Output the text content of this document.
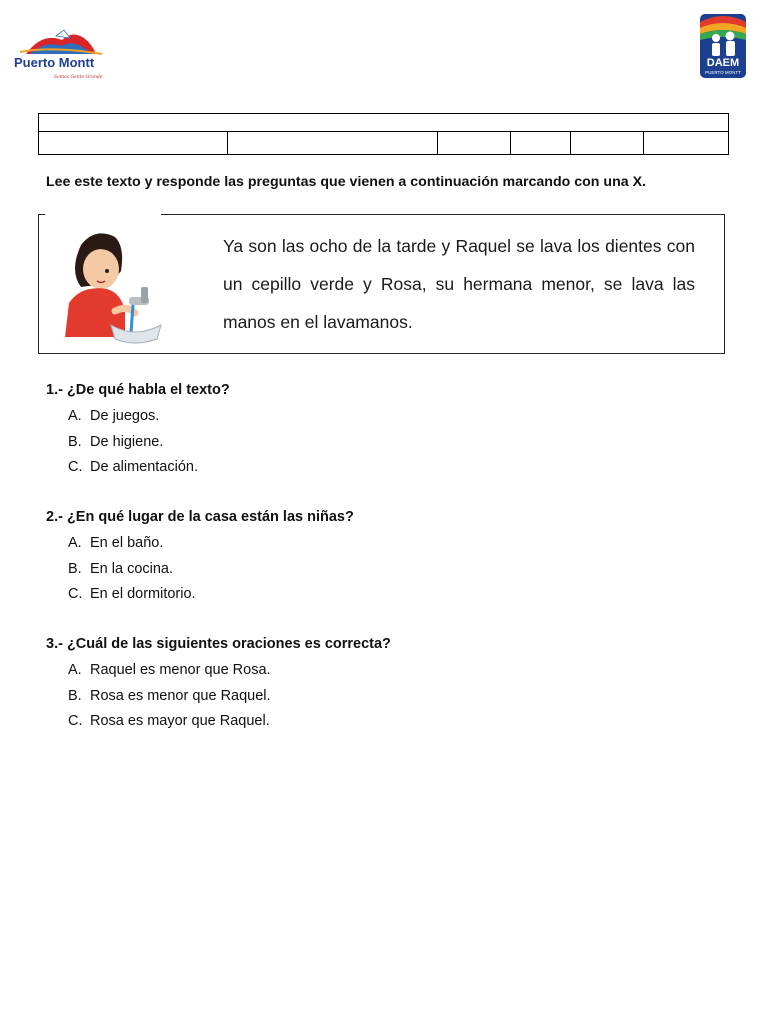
Puerto Montt
Somos Gente Grande
DAEM
PUERTO MONTT

Lee este texto y responde las preguntas que vienen a continuación marcando con una X.
Ya son las ocho de la tarde y Raquel se lava los dientes con un cepillo verde y Rosa, su hermana menor, se lava las manos en el lavamanos.
1.- ¿De qué habla el texto?
A. De juegos.
B. De higiene.
C. De alimentación.
2.- ¿En qué lugar de la casa están las niñas?
A. En el baño.
B. En la cocina.
C. En el dormitorio.
3.- ¿Cuál de las siguientes oraciones es correcta?
A. Raquel es menor que Rosa.
B. Rosa es menor que Raquel.
C. Rosa es mayor que Raquel.
